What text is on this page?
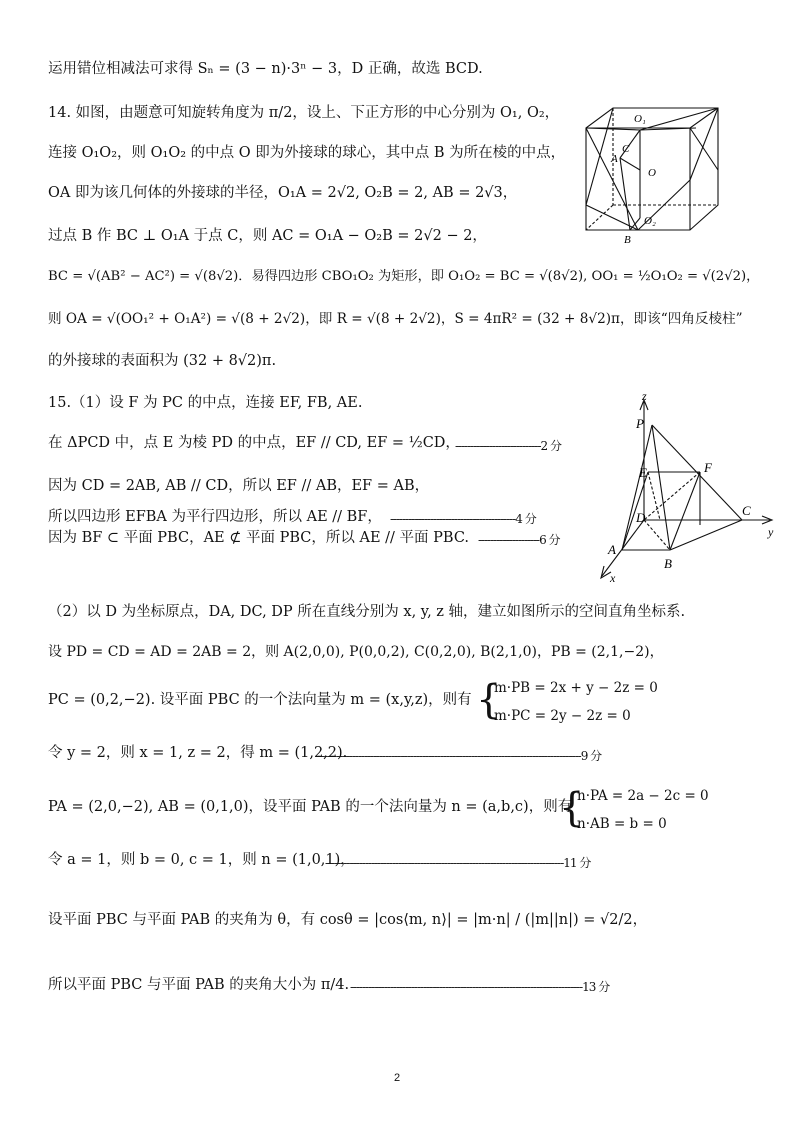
运用错位相减法可求得 Sₙ = (3 − n)·3ⁿ − 3，D 正确，故选 BCD.
14. 如图，由题意可知旋转角度为 π/2，设上、下正方形的中心分别为 O₁, O₂，
连接 O₁O₂，则 O₁O₂ 的中点 O 即为外接球的球心，其中点 B 为所在棱的中点，
OA 即为该几何体的外接球的半径，O₁A = 2√2, O₂B = 2, AB = 2√3，
过点 B 作 BC ⊥ O₁A 于点 C，则 AC = O₁A − O₂B = 2√2 − 2，
BC = √(AB² − AC²) = √(8√2)．易得四边形 CBO₁O₂ 为矩形，即 O₁O₂ = BC = √(8√2), OO₁ = ½O₁O₂ = √(2√2)，
则 OA = √(OO₁² + O₁A²) = √(8 + 2√2)，即 R = √(8 + 2√2)，S = 4πR² = (32 + 8√2)π，即该“四角反棱柱”
的外接球的表面积为 (32 + 8√2)π.
15.（1）设 F 为 PC 的中点，连接 EF, FB, AE.
在 ΔPCD 中，点 E 为棱 PD 的中点，EF // CD, EF = ½CD，
----------------------------2 分
因为 CD = 2AB, AB // CD，所以 EF // AB，EF = AB，
所以四边形 EFBA 为平行四边形，所以 AE // BF， -----------------------------------------4 分
因为 BF ⊂ 平面 PBC，AE ⊄ 平面 PBC，所以 AE // 平面 PBC. --------------------6 分
（2）以 D 为坐标原点，DA, DC, DP 所在直线分别为 x, y, z 轴，建立如图所示的空间直角坐标系.
设 PD = CD = AD = 2AB = 2，则 A(2,0,0), P(0,0,2), C(0,2,0), B(2,1,0)，PB = (2,1,−2)，
PC = (0,2,−2). 设平面 PBC 的一个法向量为 m = (x,y,z)，则有 {
m·PB = 2x + y − 2z = 0
m·PC = 2y − 2z = 0
令 y = 2，则 x = 1, z = 2，得 m = (1,2,2).
--------------------------------------------------------------------------------------9 分
PA = (2,0,−2), AB = (0,1,0)，设平面 PAB 的一个法向量为 n = (a,b,c)，则有
{
n·PA = 2a − 2c = 0
n·AB = b = 0
令 a = 1，则 b = 0, c = 1，则 n = (1,0,1)，
------------------------------------------------------------------------------11 分
设平面 PBC 与平面 PAB 的夹角为 θ，有 cosθ = |cos⟨m, n⟩| = |m·n| / (|m||n|) = √2/2，
所以平面 PBC 与平面 PAB 的夹角大小为 π/4. ----------------------------------------------------------------------------13 分
O₁
C
A
O
O₂
B
z
P
E	F
D	C
y
A
B
x
2
